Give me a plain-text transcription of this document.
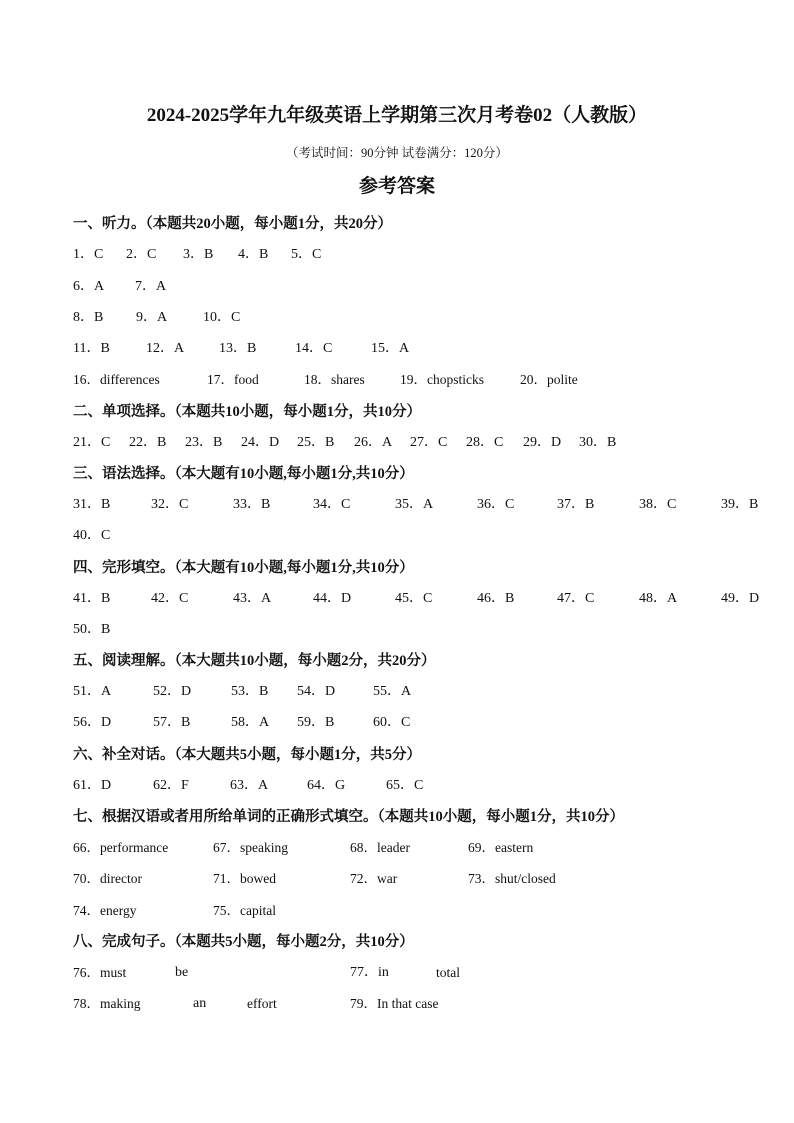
2024-2025学年九年级英语上学期第三次月考卷02（人教版）
（考试时间：90分钟 试卷满分：120分）
参考答案
一、听力。（本题共20小题，每小题1分，共20分）
1．C 2．C 3．B 4．B 5．C
6．A 7．A
8．B 9．A	10．C
11．B	12．A 13．B	14．C	15．A
16．differences	17．food	18．shares	19．chopsticks	20．polite
二、单项选择。（本题共10小题，每小题1分，共10分）
21．C 22．B 23．B 24．D 25．B 26．A 27．C 28．C 29．D 30．B
三、语法选择。（本大题有10小题,每小题1分,共10分）
31．B	32．C	33．B	34．C	35．A	36．C	37．B	38．C	39．B
40．C
四、完形填空。（本大题有10小题,每小题1分,共10分）
41．B	42．C	43．A	44．D	45．C	46．B	47．C	48．A	49．D
50．B
五、阅读理解。（本大题共10小题，每小题2分，共20分）
51．A	52．D	53．B 54．D	55．A
56．D	57．B	58．A 59．B	60．C
六、补全对话。（本大题共5小题，每小题1分，共5分）
61．D	62．F	63．A	64．G	65．C
七、根据汉语或者用所给单词的正确形式填空。（本题共10小题，每小题1分，共10分）
66．performance	67．speaking	68．leader	69．eastern
70．director	71．bowed	72．war	73．shut/closed
74．energy	75．capital
八、完成句子。（本题共5小题，每小题2分，共10分）
76．must	be	77．in	total
78．making	an	effort	79．In that case
